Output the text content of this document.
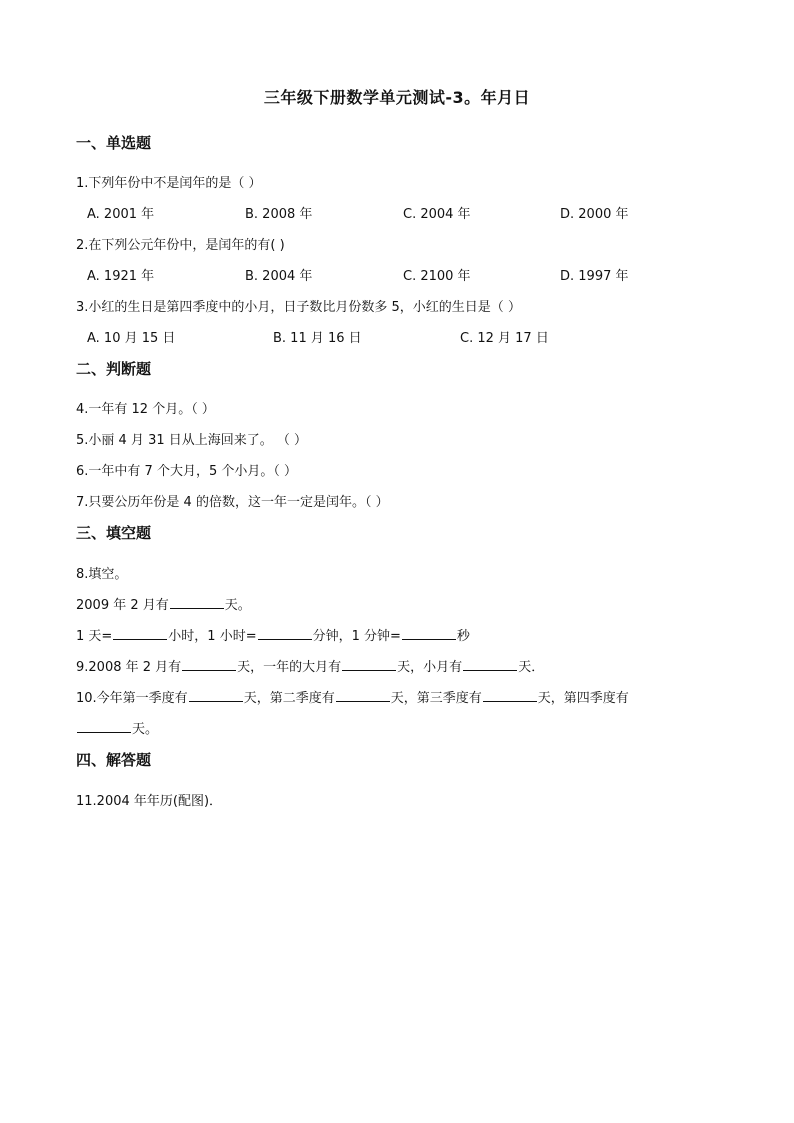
三年级下册数学单元测试-3。年月日
一、单选题
1.下列年份中不是闰年的是（ ）
A. 2001 年	B. 2008 年	C. 2004 年	D. 2000 年
2.在下列公元年份中，是闰年的有( )
A. 1921 年	B. 2004 年	C. 2100 年	D. 1997 年
3.小红的生日是第四季度中的小月，日子数比月份数多 5，小红的生日是（ ）
A. 10 月 15 日	B. 11 月 16 日	C. 12 月 17 日
二、判断题
4.一年有 12 个月。（ ）
5.小丽 4 月 31 日从上海回来了。 （ ）
6.一年中有 7 个大月，5 个小月。（ ）
7.只要公历年份是 4 的倍数，这一年一定是闰年。（ ）
三、填空题
8.填空。
2009 年 2 月有	天。
1 天=	小时，1 小时=	分钟，1 分钟=	秒
9.2008 年 2 月有	天，一年的大月有	天，小月有	天．
10.今年第一季度有	天，第二季度有	天，第三季度有	天，第四季度有
天。
四、解答题
11.2004 年年历(配图)．
